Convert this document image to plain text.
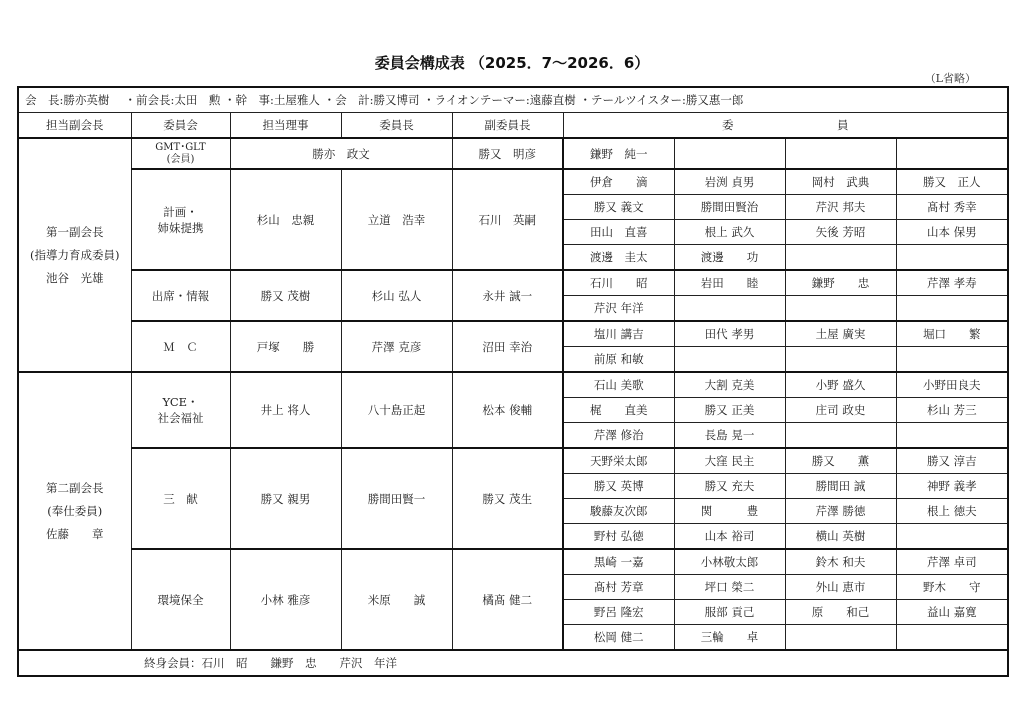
委員会構成表 （2025．7〜2026．6）
（L省略）
会　長:勝亦英樹　 ・前会長:太田　勲 ・幹　事:土屋雅人 ・会　計:勝又博司 ・ライオンテーマー:遠藤直樹 ・テールツイスター:勝又惠一郎								
担当副会長	委員会	担当理事	委員長	副委員長	委　　　　　　　　　員			

第一副会長
(指導力育成委員)
池谷　光雄

GMT･GLT
(会員)	勝亦　政文	勝又　明彦	鎌野　純一			

	計画・
姉妹提携	杉山　忠親	立道　浩幸	石川　英嗣	伊倉　　滴	岩渕 貞男	岡村　武典	勝又　正人
					勝又 義文	勝間田賢治	芹沢 邦夫	髙村 秀幸
					田山　直喜	根上 武久	矢後 芳昭	山本 保男
					渡邊　圭太	渡邊　　功		
	出席・情報	勝又 茂樹	杉山 弘人	永井 誠一	石川　　昭	岩田　　睦	鎌野　　忠	芹澤 孝寿
					芹沢 年洋			
	Ｍ　Ｃ	戸塚　　勝	芹澤 克彦	沼田 幸治	塩川 講吉	田代 孝男	土屋 廣実	堀口　　繁
					前原 和敏			

第二副会長
(奉仕委員)
佐藤　　章

YCE・
社会福祉
	井上 将人	八十島正起	松本 俊輔	石山 美歌	大割 克美	小野 盛久	小野田良夫
					梶　　直美	勝又 正美	庄司 政史	杉山 芳三
					芹澤 修治	長島 晃一		
	三　献	勝又 親男	勝間田賢一	勝又 茂生	天野栄太郎	大窪 民主	勝又　　薫	勝又 淳吉
					勝又 英博	勝又 充夫	勝間田 誠	神野 義孝
					駿藤友次郎	関　　　豊	芹澤 勝徳	根上 徳夫
					野村 弘徳	山本 裕司	横山 英樹	
	環境保全	小林 雅彦	米原　　誠	橘髙 健二	黒崎 一嘉	小林敬太郎	鈴木 和夫	芹澤 卓司
					髙村 芳章	坪口 榮二	外山 恵市	野木　　守
					野呂 隆宏	服部 貢己	原　　和己	益山 嘉寛
					松岡 健二	三輪　　卓		
終身会員：石川　昭　　鎌野　忠　　芹沢　年洋								
